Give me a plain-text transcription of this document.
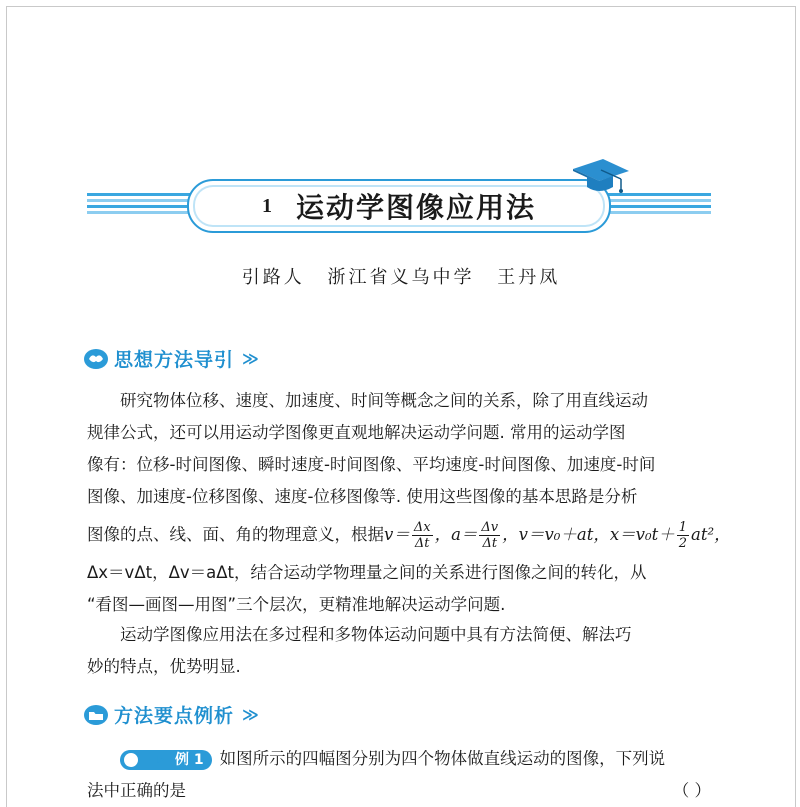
1 运动学图像应用法
引路人 浙江省义乌中学 王丹凤
思想方法导引 ≫
研究物体位移、速度、加速度、时间等概念之间的关系，除了用直线运动
规律公式，还可以用运动学图像更直观地解决运动学问题. 常用的运动学图
像有：位移-时间图像、瞬时速度-时间图像、平均速度-时间图像、加速度-时间
图像、加速度-位移图像、速度-位移图像等. 使用这些图像的基本思路是分析
图像的点、线、面、角的物理意义，根据 $v= \frac{\Delta x}{\Delta t}$ ，$a= \frac{\Delta v}{\Delta t}$ ，v＝v₀＋at，$x=v_0t+ \frac{1}{2} at^2$，
Δx＝vΔt，Δv＝aΔt，结合运动学物理量之间的关系进行图像之间的转化，从
“看图—画图—用图”三个层次，更精准地解决运动学问题.
运动学图像应用法在多过程和多物体运动问题中具有方法简便、解法巧
妙的特点，优势明显.
方法要点例析 ≫
▶ 例 1 如图所示的四幅图分别为四个物体做直线运动的图像，下列说
法中正确的是	（ ）
